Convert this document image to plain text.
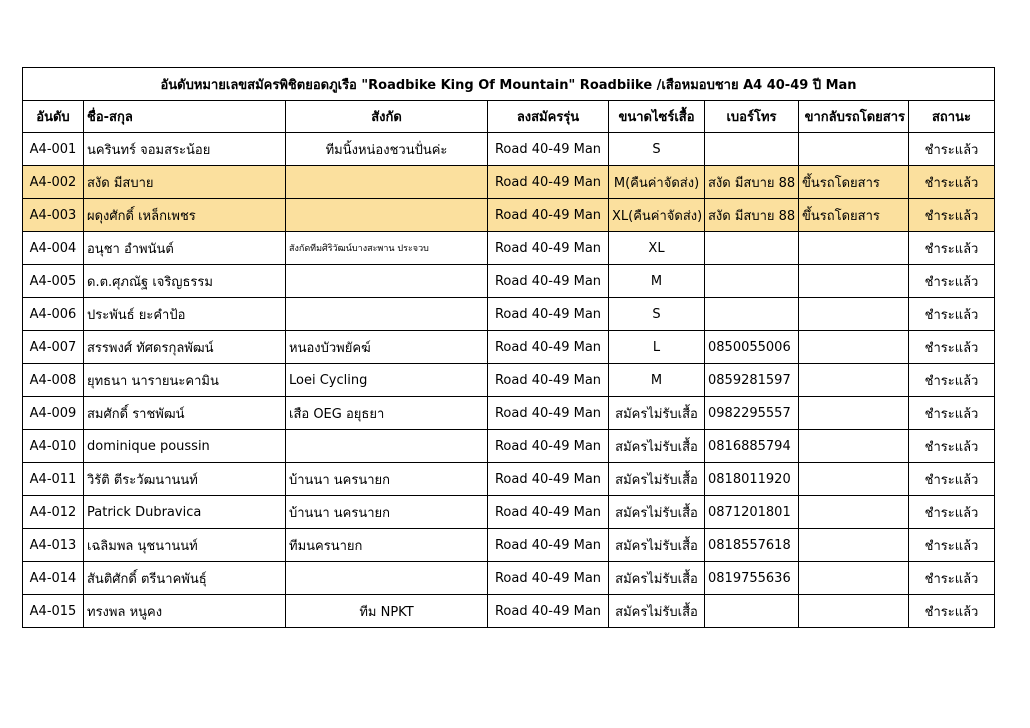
อันดับหมายเลขสมัครพิชิตยอดภูเรือ "Roadbike King Of Mountain" Roadbiike /เสือหมอบชาย A4 40-49 ปี Man							
อันดับ	ชื่อ-สกุล	สังกัด	ลงสมัครรุ่น	ขนาดไซร์เสื้อ	เบอร์โทร	ขากลับรถโดยสาร	สถานะ
A4-001	นครินทร์ จอมสระน้อย	ทีมนิ้งหน่องชวนปั่นค่ะ	Road 40-49 Man	S			ชำระแล้ว
A4-002	สงัด มีสบาย		Road 40-49 Man	M(คืนค่าจัดส่ง)	สงัด มีสบาย 88	ขึ้นรถโดยสาร	ชำระแล้ว
A4-003	ผดุงศักดิ์ เหล็กเพชร		Road 40-49 Man	XL(คืนค่าจัดส่ง)	สงัด มีสบาย 88	ขึ้นรถโดยสาร	ชำระแล้ว
A4-004	อนุชา อำพนันต์	สังกัดทีมศิริวัฒน์บางสะพาน ประจวบ	Road 40-49 Man	XL			ชำระแล้ว
A4-005	ด.ต.ศุภณัฐ เจริญธรรม		Road 40-49 Man	M			ชำระแล้ว
A4-006	ประพันธ์ ยะคำป้อ		Road 40-49 Man	S			ชำระแล้ว
A4-007	สรรพงศ์ ทัศดรกุลพัฒน์	หนองบัวพยัคฆ์	Road 40-49 Man	L	0850055006		ชำระแล้ว
A4-008	ยุทธนา นารายนะคามิน	Loei Cycling	Road 40-49 Man	M	0859281597		ชำระแล้ว
A4-009	สมศักดิ์ ราชพัฒน์	เสือ OEG อยุธยา	Road 40-49 Man	สมัครไม่รับเสื้อ	0982295557		ชำระแล้ว
A4-010	dominique poussin		Road 40-49 Man	สมัครไม่รับเสื้อ	0816885794		ชำระแล้ว
A4-011	วิรัติ ตีระวัฒนานนท์	บ้านนา นครนายก	Road 40-49 Man	สมัครไม่รับเสื้อ	0818011920		ชำระแล้ว
A4-012	Patrick Dubravica	บ้านนา นครนายก	Road 40-49 Man	สมัครไม่รับเสื้อ	0871201801		ชำระแล้ว
A4-013	เฉลิมพล นุชนานนท์	ทีมนครนายก	Road 40-49 Man	สมัครไม่รับเสื้อ	0818557618		ชำระแล้ว
A4-014	สันติศักดิ์ ตรีนาคพันธุ์		Road 40-49 Man	สมัครไม่รับเสื้อ	0819755636		ชำระแล้ว
A4-015	ทรงพล หนูคง	ทีม NPKT	Road 40-49 Man	สมัครไม่รับเสื้อ			ชำระแล้ว
